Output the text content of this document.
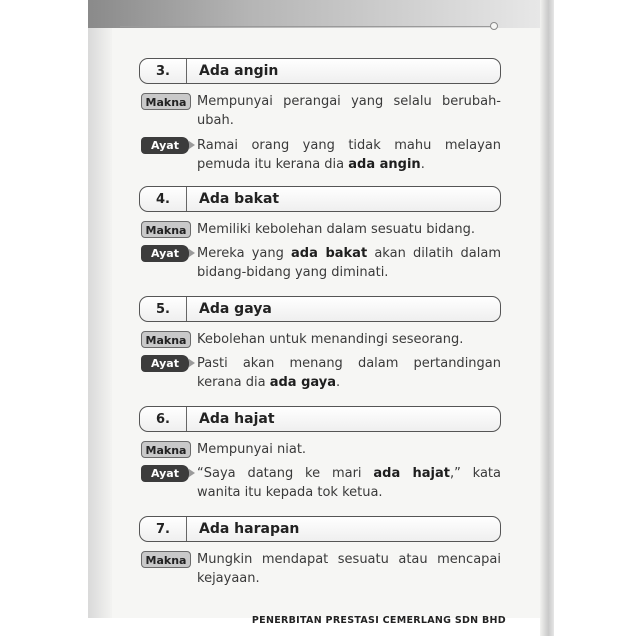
3.	Ada angin
Makna Mempunyai perangai yang selalu berubah-ubah.
Ayat	Ramai orang yang tidak mahu melayan pemuda itu kerana dia ada angin.
4.	Ada bakat
Makna Memiliki kebolehan dalam sesuatu bidang.
Ayat	Mereka yang ada bakat akan dilatih dalam bidang-bidang yang diminati.
5.	Ada gaya
Makna Kebolehan untuk menandingi seseorang.
Ayat	Pasti akan menang dalam pertandingan kerana dia ada gaya.
6.	Ada hajat
Makna Mempunyai niat.
Ayat	“Saya datang ke mari ada hajat,” kata wanita itu kepada tok ketua.
7.	Ada harapan
Makna Mungkin mendapat sesuatu atau mencapai kejayaan.
PENERBITAN PRESTASI CEMERLANG SDN BHD
